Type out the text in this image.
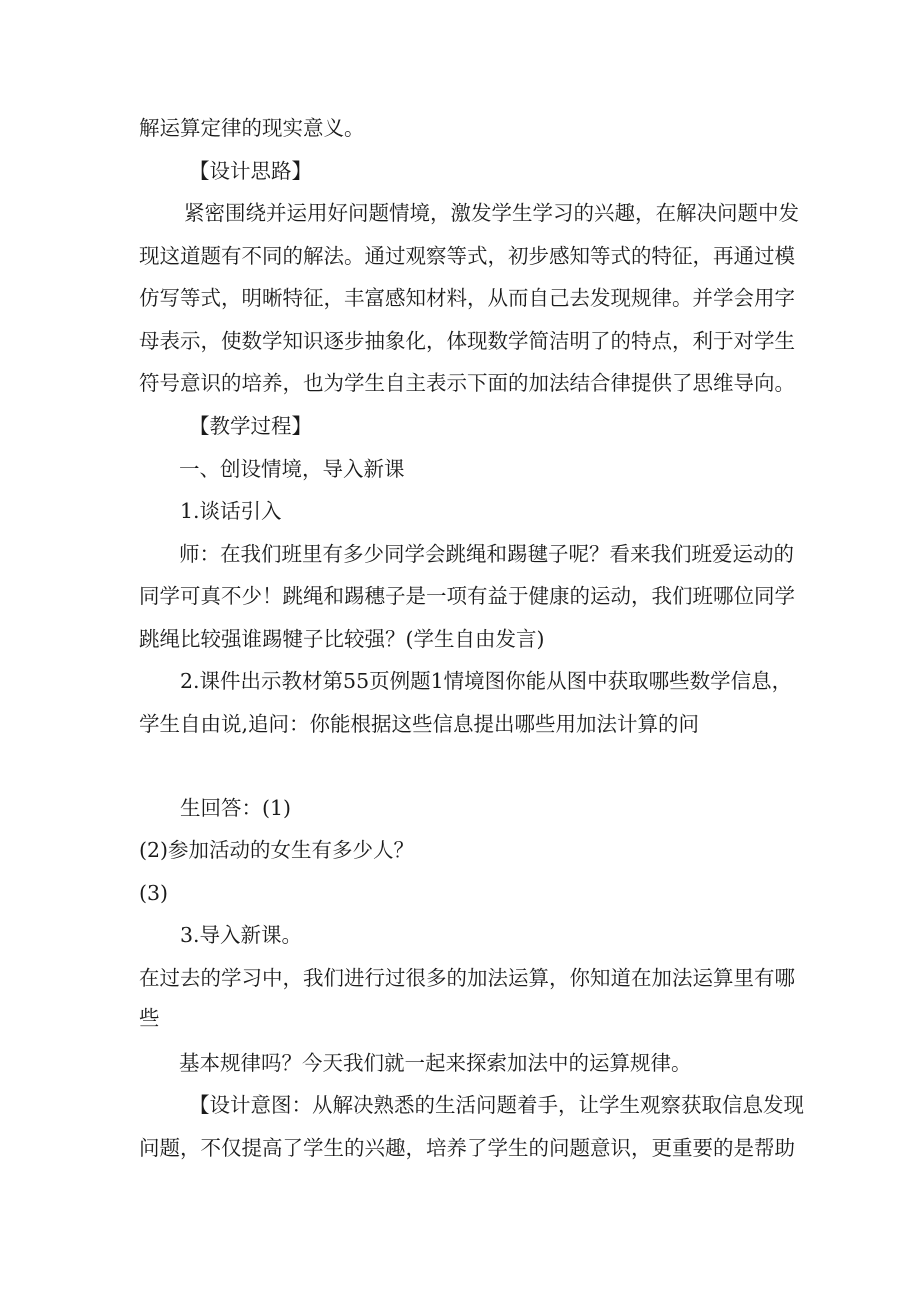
解运算定律的现实意义。
【设计思路】
紧密围绕并运用好问题情境，激发学生学习的兴趣，在解决问题中发
现这道题有不同的解法。通过观察等式，初步感知等式的特征，再通过模
仿写等式，明晰特征，丰富感知材料，从而自己去发现规律。并学会用字
母表示，使数学知识逐步抽象化，体现数学简洁明了的特点，利于对学生
符号意识的培养，也为学生自主表示下面的加法结合律提供了思维导向。
【教学过程】
一、创设情境，导入新课
1.谈话引入
师：在我们班里有多少同学会跳绳和踢毽子呢？看来我们班爱运动的
同学可真不少！跳绳和踢穗子是一项有益于健康的运动，我们班哪位同学
跳绳比较强谁踢犍子比较强？(学生自由发言)
2.课件出示教材第55页例题1情境图你能从图中获取哪些数学信息，
学生自由说,追问：你能根据这些信息提出哪些用加法计算的问
生回答：(1)
(2)参加活动的女生有多少人？
(3)
3.导入新课。
在过去的学习中，我们进行过很多的加法运算，你知道在加法运算里有哪
些
基本规律吗？今天我们就一起来探索加法中的运算规律。
【设计意图：从解决熟悉的生活问题着手，让学生观察获取信息发现
问题，不仅提高了学生的兴趣，培养了学生的问题意识，更重要的是帮助
